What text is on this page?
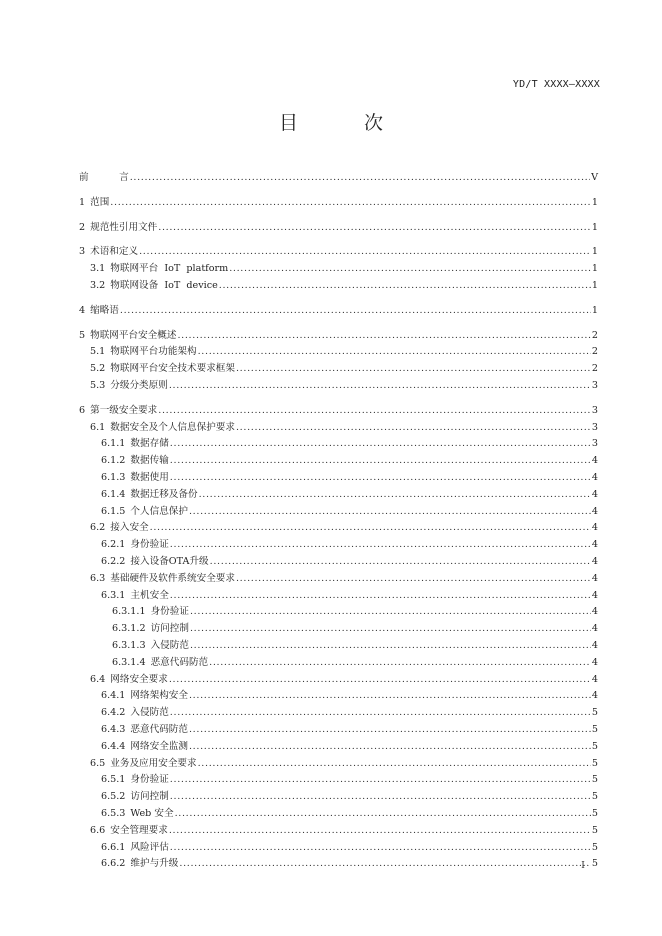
YD/T XXXX—XXXX
目 次
前 言 . . .	V
1 范围 . . .	1
2 规范性引用文件 . . .	1
3 术语和定义 . . .	1
3.1 物联网平台  IoT  platform . . .	1
3.2 物联网设备  IoT  device . . .	1
4 缩略语 . . .	1
5 物联网平台安全概述 . . .	2
5.1 物联网平台功能架构 . . .	2
5.2 物联网平台安全技术要求框架 . . .	2
5.3 分级分类原则 . . .	3
6 第一级安全要求 . . .	3
6.1 数据安全及个人信息保护要求 . . .	3
6.1.1 数据存储 . . .	3
6.1.2 数据传输 . . .	4
6.1.3 数据使用 . . .	4
6.1.4 数据迁移及备份 . . .	4
6.1.5 个人信息保护 . . .	4
6.2 接入安全 . . .	4
6.2.1 身份验证 . . .	4
6.2.2 接入设备OTA升级 . . .	4
6.3 基础硬件及软件系统安全要求 . . .	4
6.3.1 主机安全 . . .	4
6.3.1.1 身份验证 . . .	4
6.3.1.2 访问控制 . . .	4
6.3.1.3 入侵防范 . . .	4
6.3.1.4 恶意代码防范 . . .	4
6.4 网络安全要求 . . .	4
6.4.1 网络架构安全 . . .	4
6.4.2 入侵防范 . . .	5
6.4.3 恶意代码防范 . . .	5
6.4.4 网络安全监测 . . .	5
6.5 业务及应用安全要求 . . .	5
6.5.1 身份验证 . . .	5
6.5.2 访问控制 . . .	5
6.5.3 Web 安全 . . .	5
6.6 安全管理要求 . . .	5
6.6.1 风险评估 . . .	5
6.6.2 维护与升级 . . .	5
I
